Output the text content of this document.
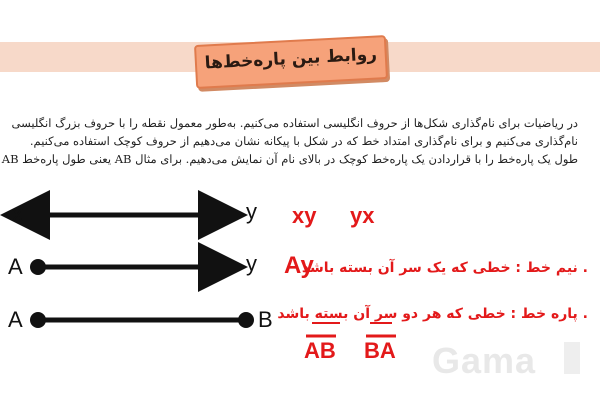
روابط بین پاره‌خط‌ها
در ریاضیات برای نام‌گذاری شکل‌ها از حروف انگلیسی استفاده می‌کنیم. به‌طور معمول نقطه را با حروف بزرگ انگلیسی
نام‌گذاری می‌کنیم و برای نام‌گذاری امتداد خط که در شکل با پیکانه نشان می‌دهیم از حروف کوچک استفاده می‌کنیم.
طول یک پاره‌خط را با قراردادن یک پاره‌خط کوچک در بالای نام آن نمایش می‌دهیم. برای مثال AB یعنی طول پاره‌خط AB
x	y xy yx
A	y Ay
. نیم خط : خطی که یک سر آن بسته باشد
A	B . پاره خط : خطی که هر دو سر آن بسته باشد
AB BA Gama
